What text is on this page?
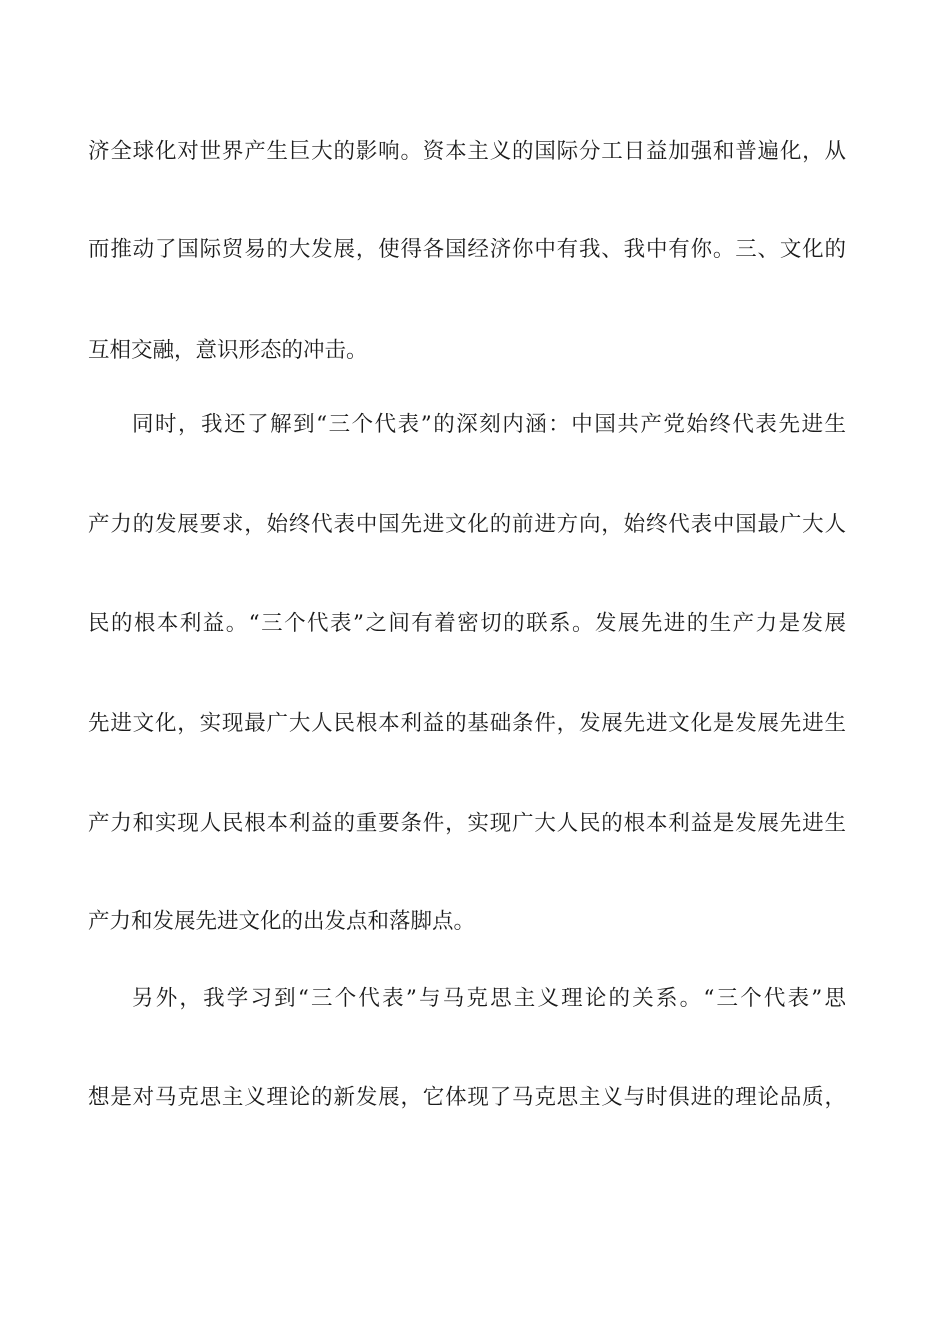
济全球化对世界产生巨大的影响。资本主义的国际分工日益加强和普遍化，从
而推动了国际贸易的大发展，使得各国经济你中有我、我中有你。三、文化的
互相交融，意识形态的冲击。
同时，我还了解到“三个代表”的深刻内涵：中国共产党始终代表先进生
产力的发展要求，始终代表中国先进文化的前进方向，始终代表中国最广大人
民的根本利益。“三个代表”之间有着密切的联系。发展先进的生产力是发展
先进文化，实现最广大人民根本利益的基础条件，发展先进文化是发展先进生
产力和实现人民根本利益的重要条件，实现广大人民的根本利益是发展先进生
产力和发展先进文化的出发点和落脚点。
另外，我学习到“三个代表”与马克思主义理论的关系。“三个代表”思
想是对马克思主义理论的新发展，它体现了马克思主义与时俱进的理论品质，
